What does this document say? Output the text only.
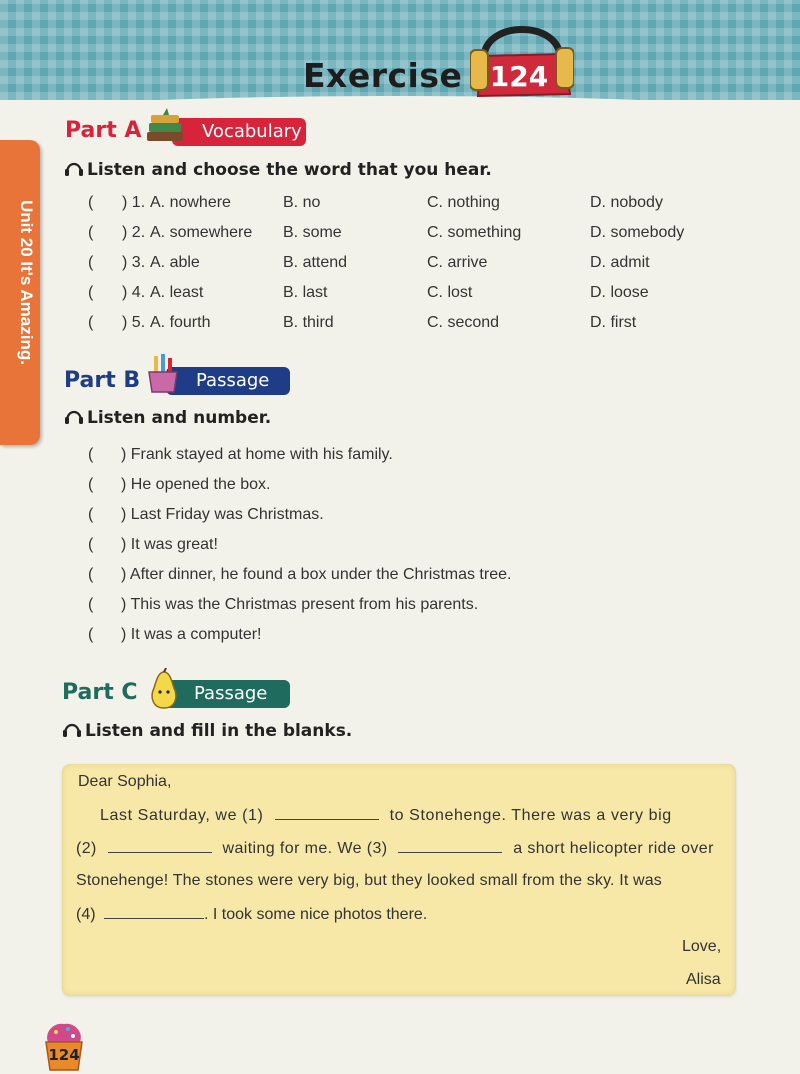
Exercise 124
Unit 20 It's Amazing.
Part A	Vocabulary
Listen and choose the word that you hear.
( ) 1. A. nowhere	B. no	C. nothing	D. nobody
( ) 2. A. somewhere B. some	C. something	D. somebody
( ) 3. A. able	B. attend	C. arrive	D. admit
( ) 4. A. least	B. last	C. lost	D. loose
( ) 5. A. fourth	B. third	C. second	D. first
Part B	Passage
Listen and number.
( ) Frank stayed at home with his family.
( ) He opened the box.
( ) Last Friday was Christmas.
( ) It was great!
( ) After dinner, he found a box under the Christmas tree.
( ) This was the Christmas present from his parents.
( ) It was a computer!
Part C	Passage
Listen and fill in the blanks.
Dear Sophia,
Last Saturday, we (1)	to Stonehenge. There was a very big
(2)	waiting for me. We (3)	a short helicopter ride over
Stonehenge! The stones were very big, but they looked small from the sky. It was
(4)	. I took some nice photos there.
Love,
Alisa
124
